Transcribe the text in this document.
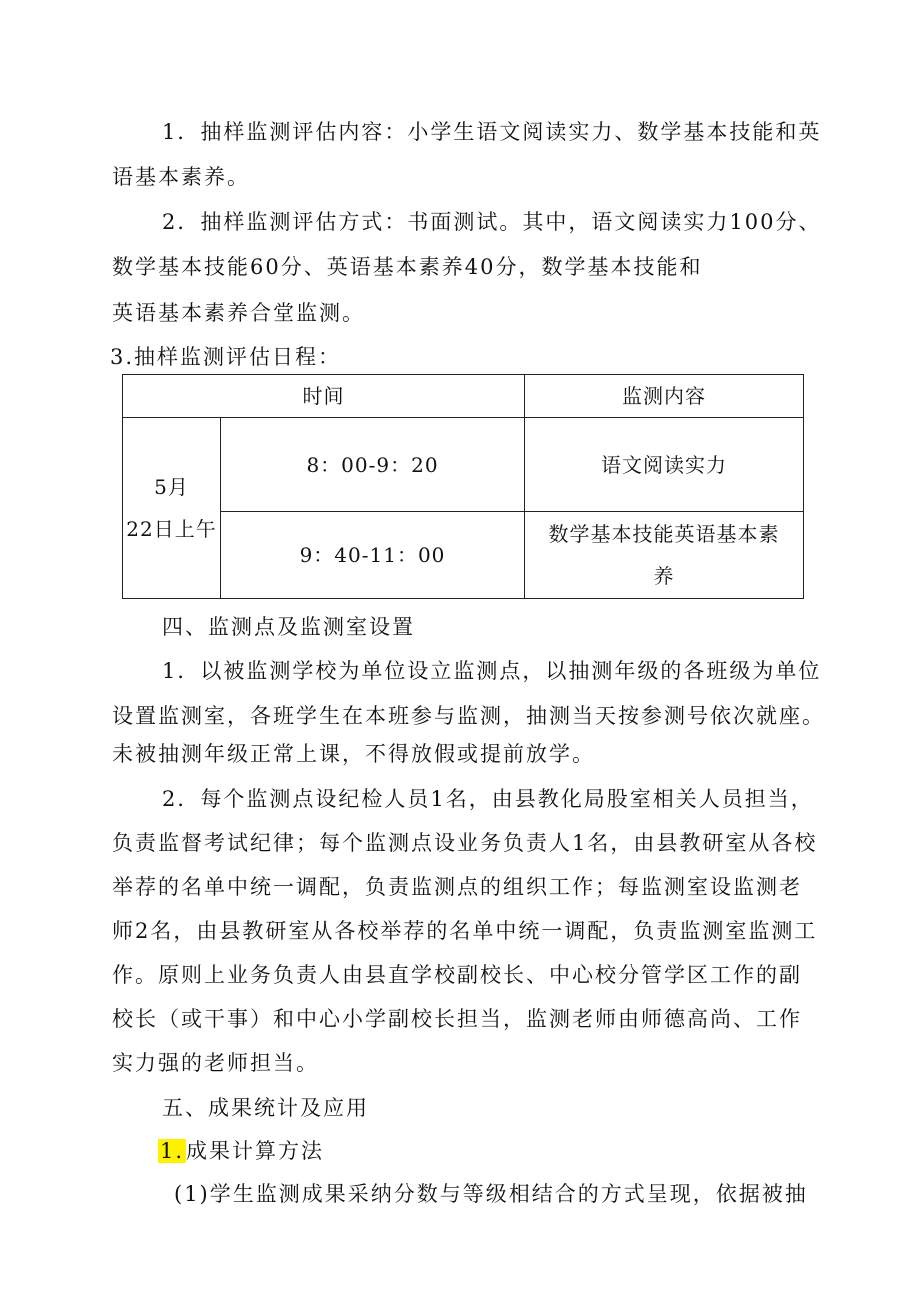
1．抽样监测评估内容：小学生语文阅读实力、数学基本技能和英
语基本素养。
2．抽样监测评估方式：书面测试。其中，语文阅读实力100分、
数学基本技能60分、英语基本素养40分，数学基本技能和
英语基本素养合堂监测。
3.抽样监测评估日程：
时间		监测内容

5月
22日上午	8：00-9：20	语文阅读实力
	9：40-11：00	数学基本技能英语基本素
养
四、监测点及监测室设置
1．以被监测学校为单位设立监测点，以抽测年级的各班级为单位
设置监测室，各班学生在本班参与监测，抽测当天按参测号依次就座。
未被抽测年级正常上课，不得放假或提前放学。
2．每个监测点设纪检人员1名，由县教化局股室相关人员担当，
负责监督考试纪律；每个监测点设业务负责人1名，由县教研室从各校
举荐的名单中统一调配，负责监测点的组织工作；每监测室设监测老
师2名，由县教研室从各校举荐的名单中统一调配，负责监测室监测工
作。原则上业务负责人由县直学校副校长、中心校分管学区工作的副
校长（或干事）和中心小学副校长担当，监测老师由师德高尚、工作
实力强的老师担当。
五、成果统计及应用
1.成果计算方法
(1)学生监测成果采纳分数与等级相结合的方式呈现，依据被抽
